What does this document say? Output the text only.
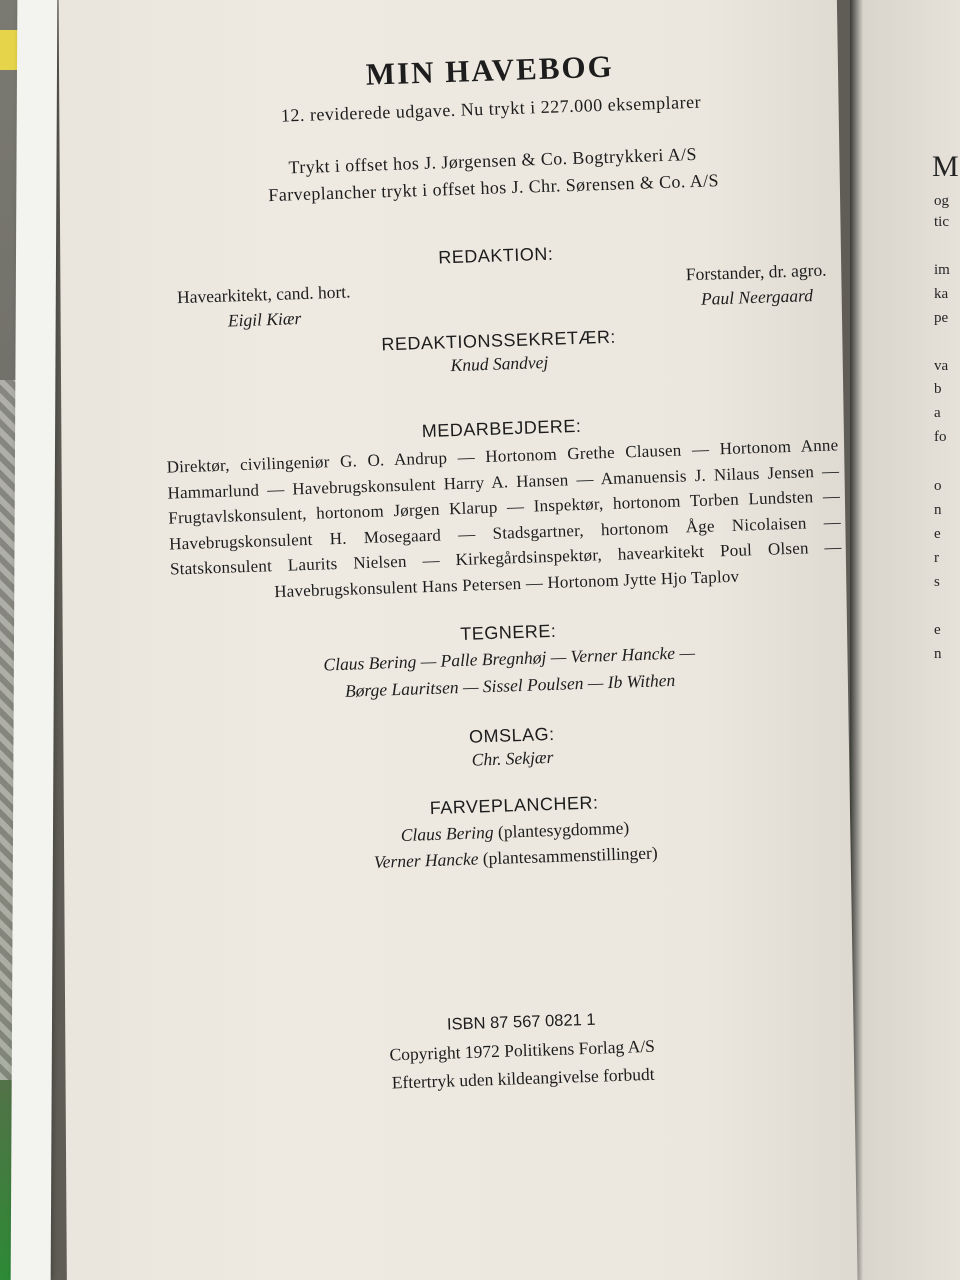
M
og
tic
im
ka
pe
va
b
a
fo
o
n
e
r
s
e
n
MIN HAVEBOG

12. reviderede udgave. Nu trykt i 227.000 eksemplarer

Trykt i offset hos J. Jørgensen & Co. Bogtrykkeri A/S

Farveplancher trykt i offset hos J. Chr. Sørensen & Co. A/S

REDAKTION:

Havearkitekt, cand. hort.
Eigil Kiær
Forstander, dr. agro.
Paul Neergaard

REDAKTIONSSEKRETÆR:

Knud Sandvej

MEDARBEJDERE:

Direktør, civilingeniør G. O. Andrup — Hortonom Grethe Clausen — Hortonom Anne Hammarlund — Havebrugskonsulent Harry A. Hansen — Amanuensis J. Nilaus Jensen — Frugtavlskonsulent, hortonom Jørgen Klarup — Inspektør, hortonom Torben Lundsten — Havebrugskonsulent H. Mosegaard — Stadsgartner, hortonom Åge Nicolaisen — Statskonsulent Laurits Nielsen — Kirkegårdsinspektør, havearkitekt Poul Olsen — Havebrugskonsulent Hans Petersen — Hortonom Jytte Hjo Taplov

TEGNERE:

Claus Bering — Palle Bregnhøj — Verner Hancke —
Børge Lauritsen — Sissel Poulsen — Ib Withen

OMSLAG:

Chr. Sekjær

FARVEPLANCHER:

Claus Bering (plantesygdomme)
Verner Hancke (plantesammenstillinger)

ISBN 87 567 0821 1

Copyright 1972 Politikens Forlag A/S

Eftertryk uden kildeangivelse forbudt
